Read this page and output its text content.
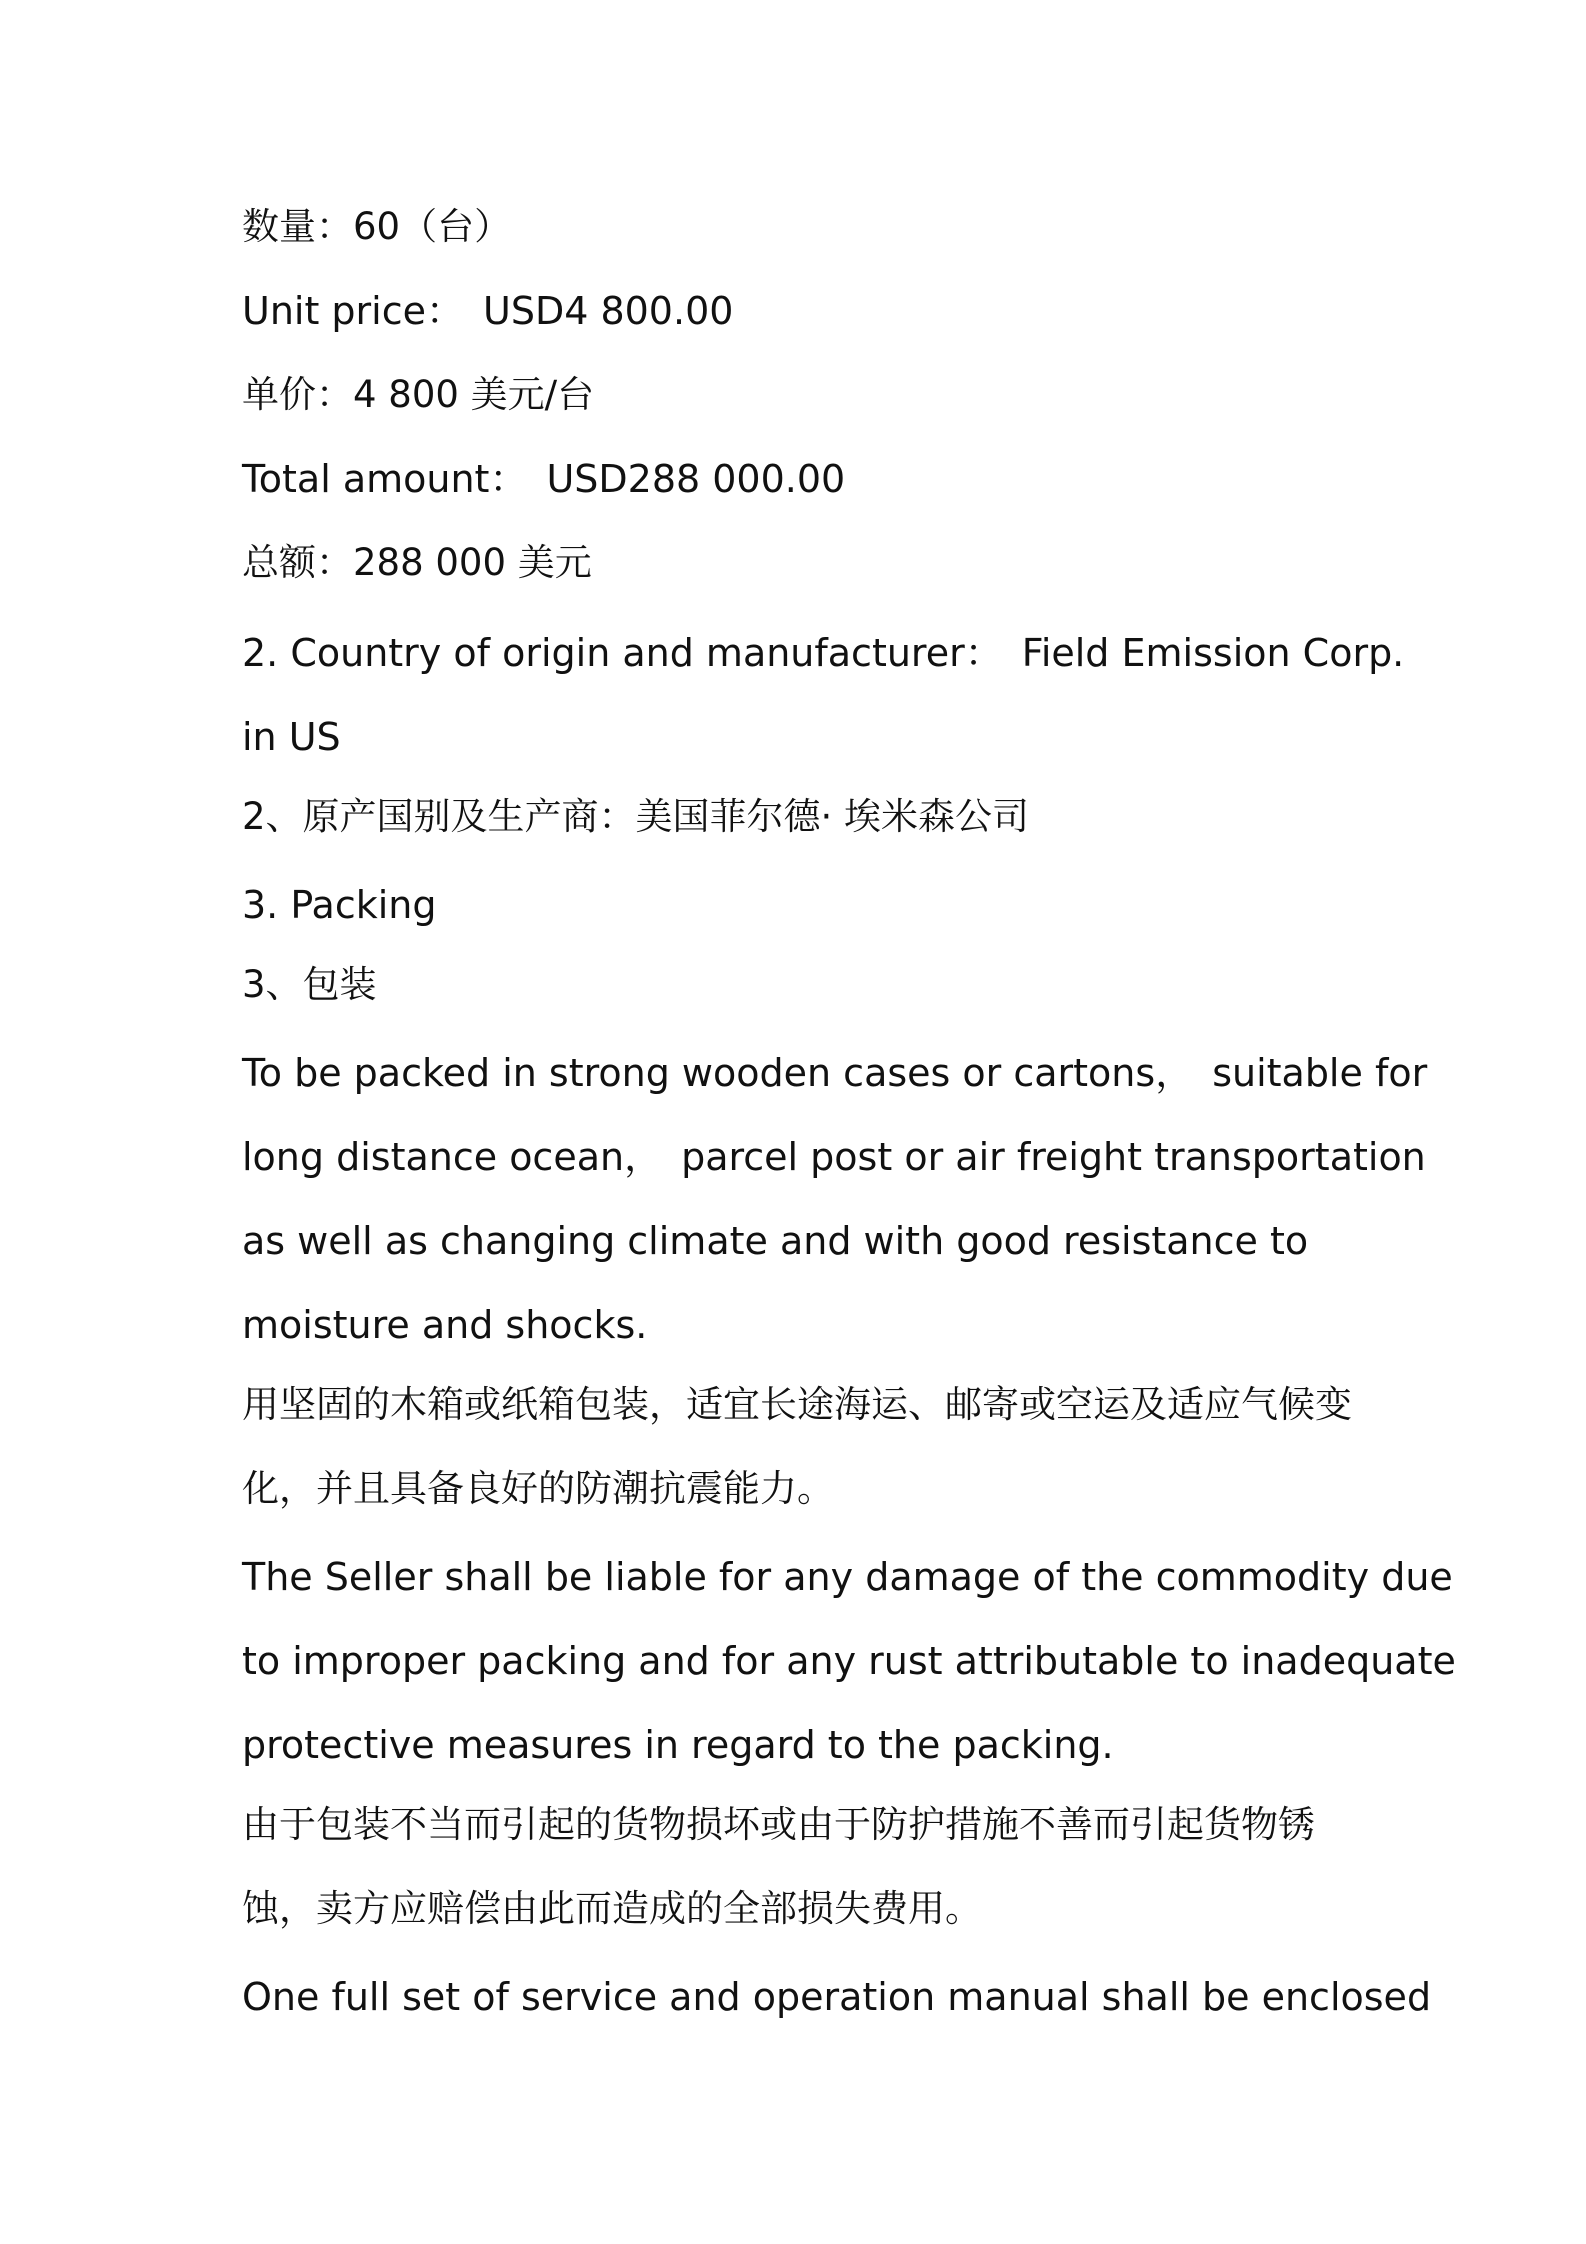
数量：60（台）
Unit price：　USD4 800.00
单价：4 800 美元/台
Total amount：　USD288 000.00
总额：288 000 美元
2. Country of origin and manufacturer：　Field Emission Corp.
in US
2、原产国别及生产商：美国菲尔德· 埃米森公司
3. Packing
3、包装
To be packed in strong wooden cases or cartons，　suitable for
long distance ocean，　parcel post or air freight transportation
as well as changing climate and with good resistance to
moisture and shocks.
用坚固的木箱或纸箱包装，适宜长途海运、邮寄或空运及适应气候变
化，并且具备良好的防潮抗震能力。
The Seller shall be liable for any damage of the commodity due
to improper packing and for any rust attributable to inadequate
protective measures in regard to the packing.
由于包装不当而引起的货物损坏或由于防护措施不善而引起货物锈
蚀，卖方应赔偿由此而造成的全部损失费用。
One full set of service and operation manual shall be enclosed
